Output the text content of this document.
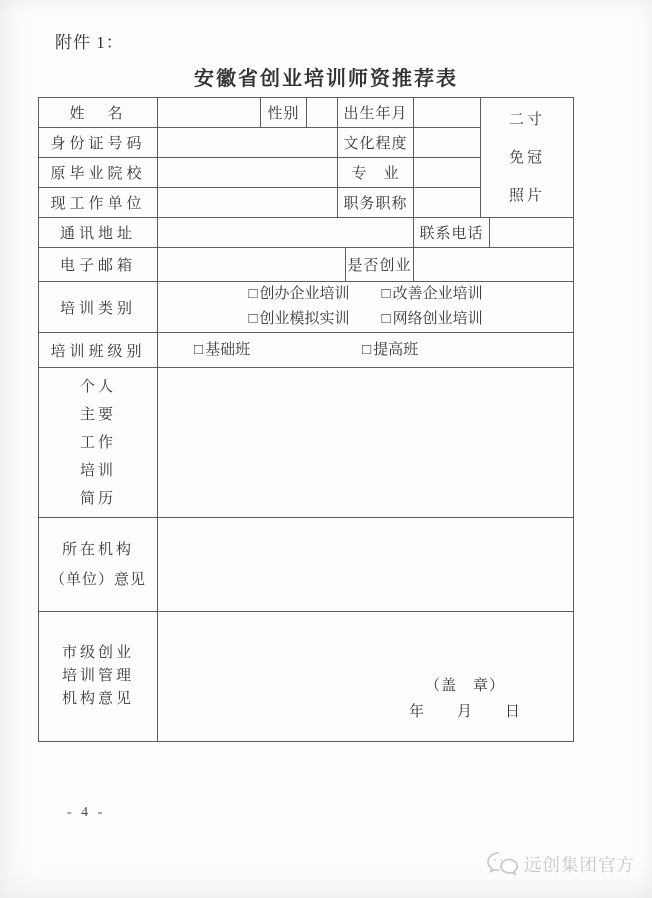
附件 1：
安徽省创业培训师资推荐表
姓　名		性别		出生年月			二寸
免冠
照片	

身份证号码				文化程度				
原毕业院校				专　业				
现工作单位				职务职称				
通讯地址						联系电话		
电子邮箱					是否创业			
培训类别	□ 创办企业培训 □ 改善企业培训
□ 创业模拟实训 □ 网络创业培训							

培训班级别	□ 基础班 □ 提高班							

个人
主要
工作
培训
简历								

所在机构
（单位）意见								

市级创业
培训管理
机构意见

（盖　章）
年　　月　　日
- 4 -
远创集团官方
